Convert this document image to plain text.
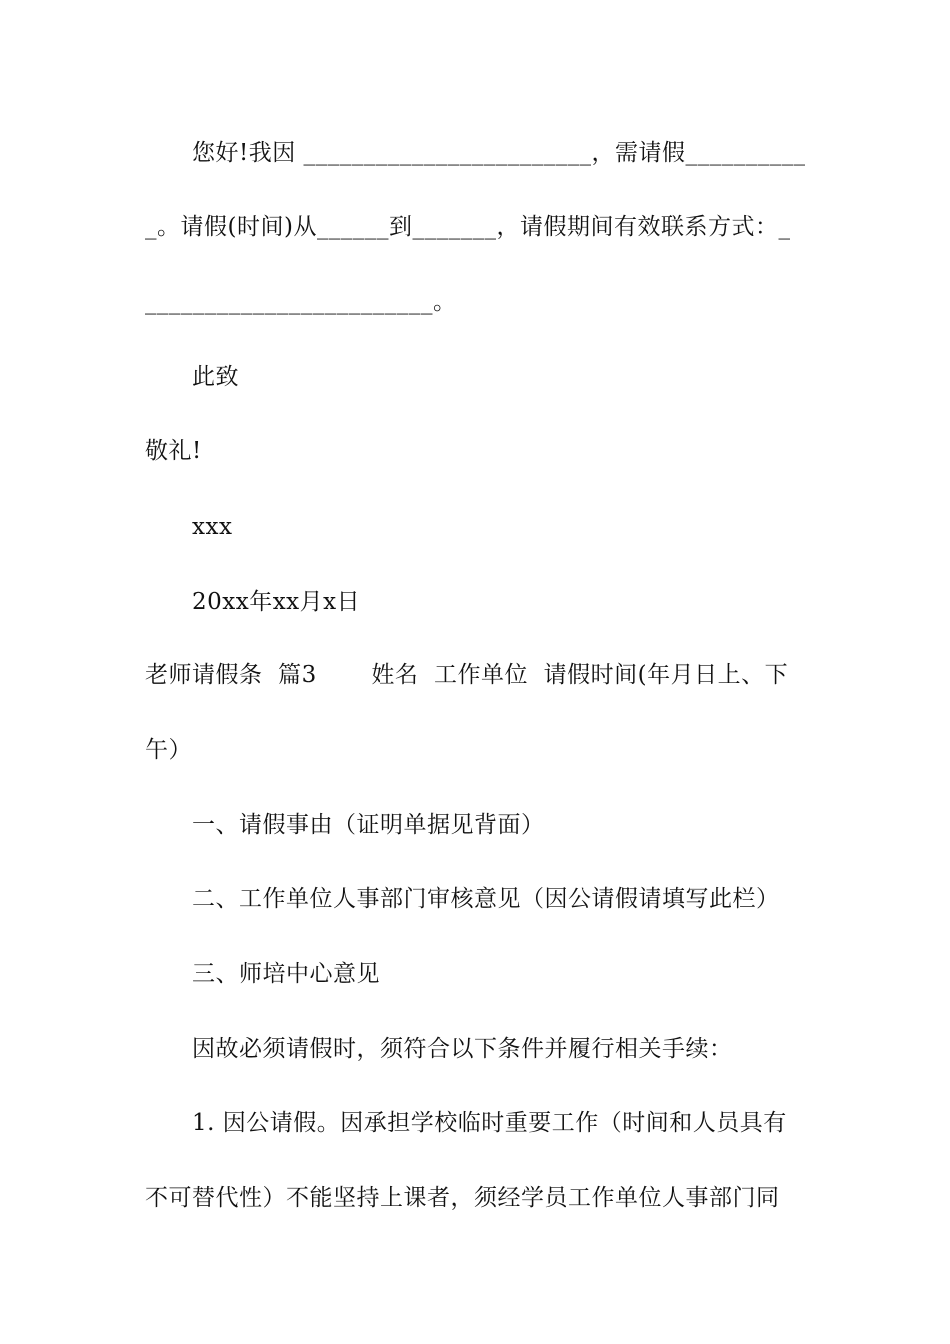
您好!我因 ________________________，需请假__________
_。请假(时间)从______到_______，请假期间有效联系方式：_
________________________。
此致
敬礼!
xxx
20xx年xx月x日
老师请假条  篇3       姓名  工作单位  请假时间(年月日上、下
午）
一、请假事由（证明单据见背面）
二、工作单位人事部门审核意见（因公请假请填写此栏）
三、师培中心意见
因故必须请假时，须符合以下条件并履行相关手续：
1. 因公请假。因承担学校临时重要工作（时间和人员具有
不可替代性）不能坚持上课者，须经学员工作单位人事部门同
